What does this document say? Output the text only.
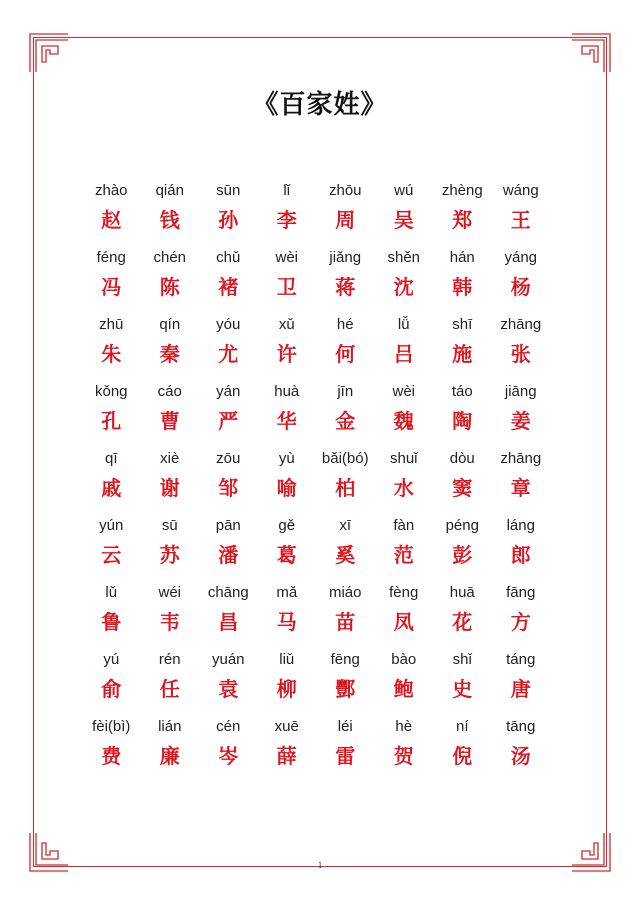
《百家姓》
zhào
赵
qián
钱
sūn
孙
lǐ
李
zhōu
周
wú
吴
zhèng
郑
wáng
王
féng
冯
chén
陈
chǔ
褚
wèi
卫
jiǎng
蒋
shěn
沈
hán
韩
yáng
杨
zhū
朱
qín
秦
yóu
尤
xǔ
许
hé
何
lǚ
吕
shī
施
zhāng
张
kǒng
孔
cáo
曹
yán
严
huà
华
jīn
金
wèi
魏
táo
陶
jiāng
姜
qī
戚
xiè
谢
zōu
邹
yù
喻
bǎi(bó)
柏
shuǐ
水
dòu
窦
zhāng
章
yún
云
sū
苏
pān
潘
gě
葛
xī
奚
fàn
范
péng
彭
láng
郎
lǔ
鲁
wéi
韦
chāng
昌
mǎ
马
miáo
苗
fèng
凤
huā
花
fāng
方
yú
俞
rén
任
yuán
袁
liǔ
柳
fēng
酆
bào
鲍
shǐ
史
táng
唐
fèi(bì)
费
lián
廉
cén
岑
xuē
薛
léi
雷
hè
贺
ní
倪
tāng
汤
1
